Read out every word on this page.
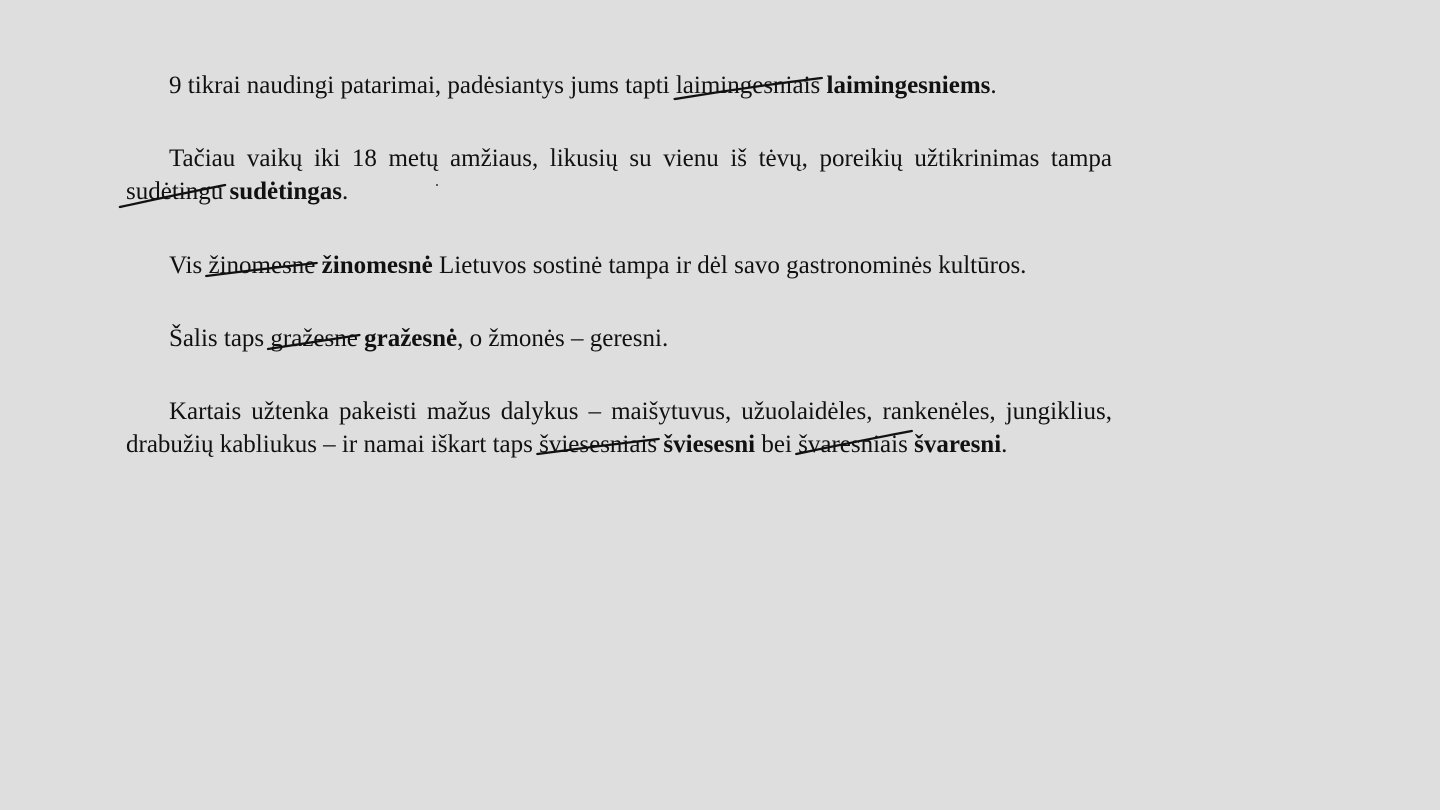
9 tikrai naudingi patarimai, padėsiantys jums tapti laimingesniais laimingesniems.

Tačiau vaikų iki 18 metų amžiaus, likusių su vienu iš tėvų, poreikių užtikrinimas tampa sudėtingu sudėtingas.

Vis žinomesne žinomesnė Lietuvos sostinė tampa ir dėl savo gastronominės kultūros.

Šalis taps gražesne gražesnė, o žmonės – geresni.

Kartais užtenka pakeisti mažus dalykus – maišytuvus, užuolaidėles, rankenėles, jungiklius, drabužių kabliukus – ir namai iškart taps šviesesniais šviesesni bei švaresniais švaresni.
